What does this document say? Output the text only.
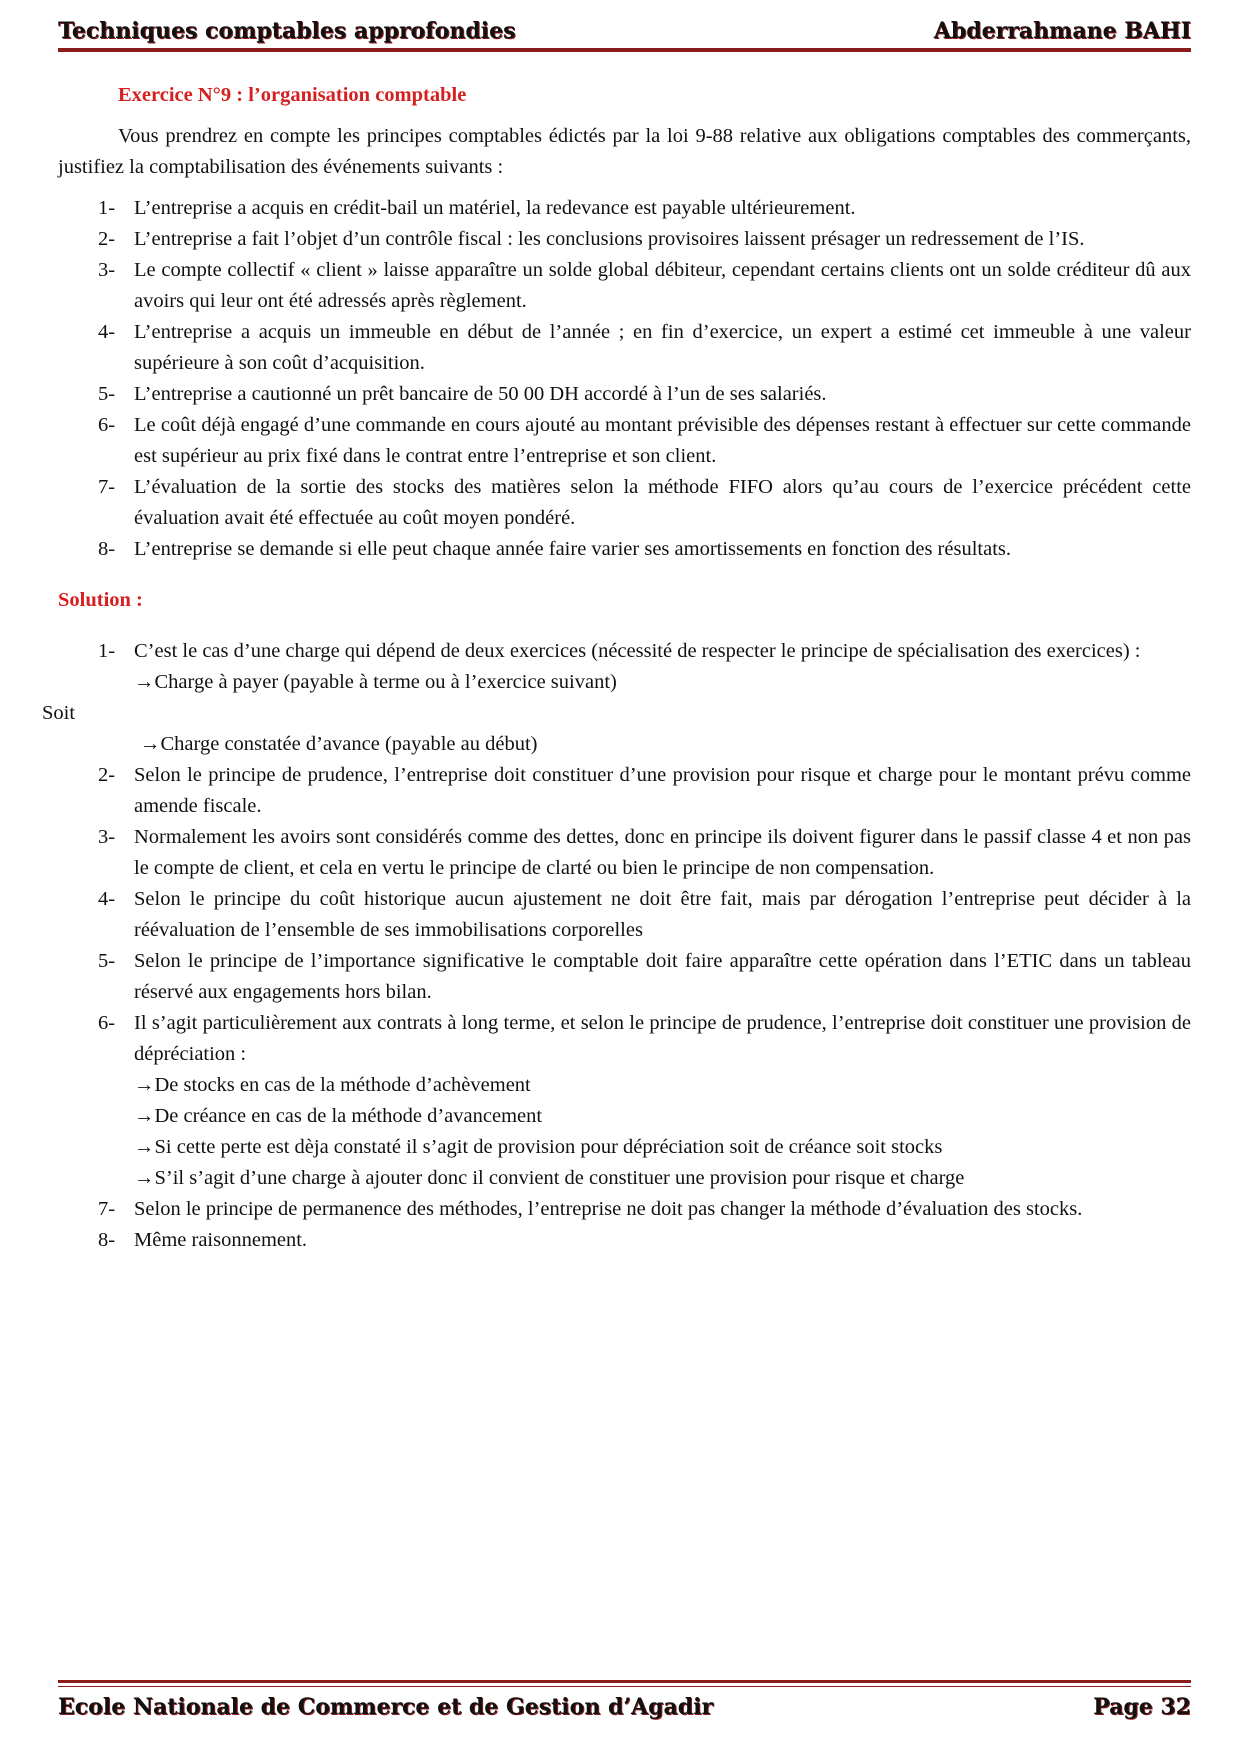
Techniques comptables approfondies	Abderrahmane BAHI
Exercice N°9 : l’organisation comptable

Vous prendrez en compte les principes comptables édictés par la loi 9-88 relative aux obligations comptables des commerçants, justifiez la comptabilisation des événements suivants :

1- L’entreprise a acquis en crédit-bail un matériel, la redevance est payable ultérieurement.
2- L’entreprise a fait l’objet d’un contrôle fiscal : les conclusions provisoires laissent présager un redressement de l’IS.
3- Le compte collectif « client » laisse apparaître un solde global débiteur, cependant certains clients ont un solde créditeur dû aux avoirs qui leur ont été adressés après règlement.
4- L’entreprise a acquis un immeuble en début de l’année ; en fin d’exercice, un expert a estimé cet immeuble à une valeur supérieure à son coût d’acquisition.
5- L’entreprise a cautionné un prêt bancaire de 50 00 DH accordé à l’un de ses salariés.
6- Le coût déjà engagé d’une commande en cours ajouté au montant prévisible des dépenses restant à effectuer sur cette commande est supérieur au prix fixé dans le contrat entre l’entreprise et son client.
7- L’évaluation de la sortie des stocks des matières selon la méthode FIFO alors qu’au cours de l’exercice précédent cette évaluation avait été effectuée au coût moyen pondéré.
8- L’entreprise se demande si elle peut chaque année faire varier ses amortissements en fonction des résultats.
Solution :
1- C’est le cas d’une charge qui dépend de deux exercices (nécessité de respecter le principe de spécialisation des exercices) :
→Charge à payer (payable à terme ou à l’exercice suivant)
Soit
→Charge constatée d’avance (payable au début)
2- Selon le principe de prudence, l’entreprise doit constituer d’une provision pour risque et charge pour le montant prévu comme amende fiscale.
3- Normalement les avoirs sont considérés comme des dettes, donc en principe ils doivent figurer dans le passif classe 4 et non pas le compte de client, et cela en vertu le principe de clarté ou bien le principe de non compensation.
4- Selon le principe du coût historique aucun ajustement ne doit être fait, mais par dérogation l’entreprise peut décider à la réévaluation de l’ensemble de ses immobilisations corporelles
5- Selon le principe de l’importance significative le comptable doit faire apparaître cette opération dans l’ETIC dans un tableau réservé aux engagements hors bilan.
6- Il s’agit particulièrement aux contrats à long terme, et selon le principe de prudence, l’entreprise doit constituer une provision de dépréciation :
→De stocks en cas de la méthode d’achèvement
→De créance en cas de la méthode d’avancement
→Si cette perte est dèja constaté il s’agit de provision pour dépréciation soit de créance soit stocks
→S’il s’agit d’une charge à ajouter donc il convient de constituer une provision pour risque et charge
7- Selon le principe de permanence des méthodes, l’entreprise ne doit pas changer la méthode d’évaluation des stocks.
8- Même raisonnement.
Ecole Nationale de Commerce et de Gestion d’Agadir	Page 32
